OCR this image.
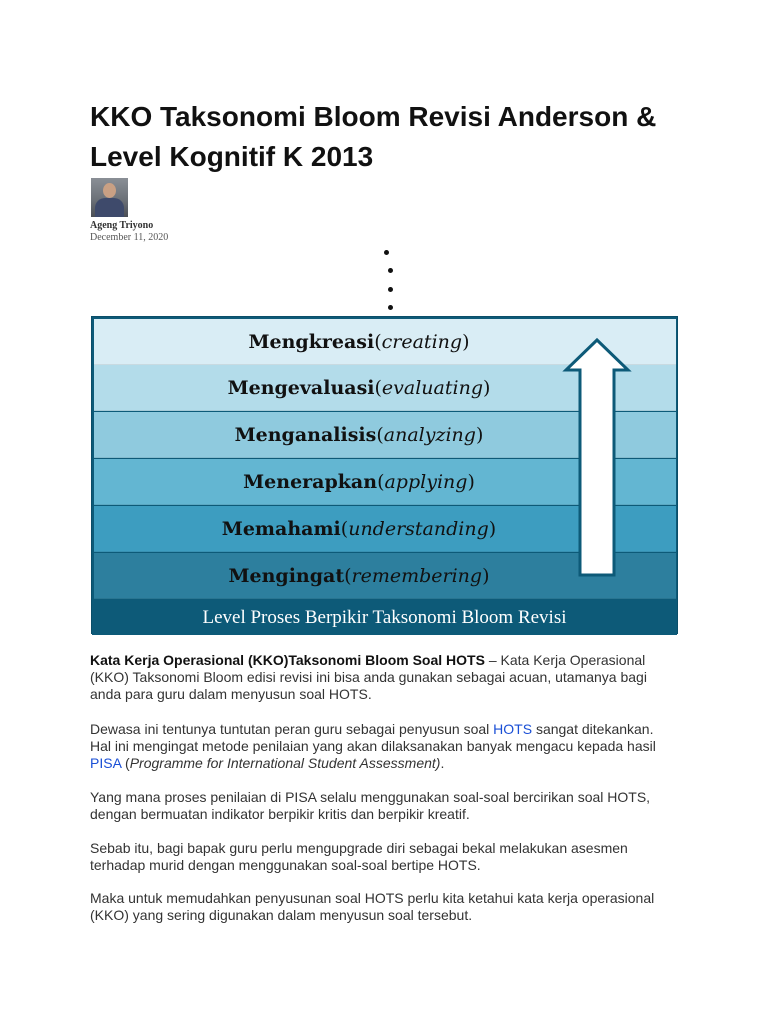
KKO Taksonomi Bloom Revisi Anderson & Level Kognitif K 2013
Ageng Triyono
December 11, 2020
Mengkreasi ( creating )
Mengevaluasi ( evaluating )
Menganalisis ( analyzing )
Menerapkan ( applying )
Memahami ( understanding )
Mengingat ( remembering )
Level Proses Berpikir Taksonomi Bloom Revisi

Kata Kerja Operasional (KKO)Taksonomi Bloom Soal HOTS – Kata Kerja Operasional (KKO) Taksonomi Bloom edisi revisi ini bisa anda gunakan sebagai acuan, utamanya bagi anda para guru dalam menyusun soal HOTS.

Dewasa ini tentunya tuntutan peran guru sebagai penyusun soal HOTS sangat ditekankan. Hal ini mengingat metode penilaian yang akan dilaksanakan banyak mengacu kepada hasil PISA (Programme for International Student Assessment).

Yang mana proses penilaian di PISA selalu menggunakan soal-soal bercirikan soal HOTS, dengan bermuatan indikator berpikir kritis dan berpikir kreatif.

Sebab itu, bagi bapak guru perlu mengupgrade diri sebagai bekal melakukan asesmen terhadap murid dengan menggunakan soal-soal bertipe HOTS.

Maka untuk memudahkan penyusunan soal HOTS perlu kita ketahui kata kerja operasional (KKO) yang sering digunakan dalam menyusun soal tersebut.
